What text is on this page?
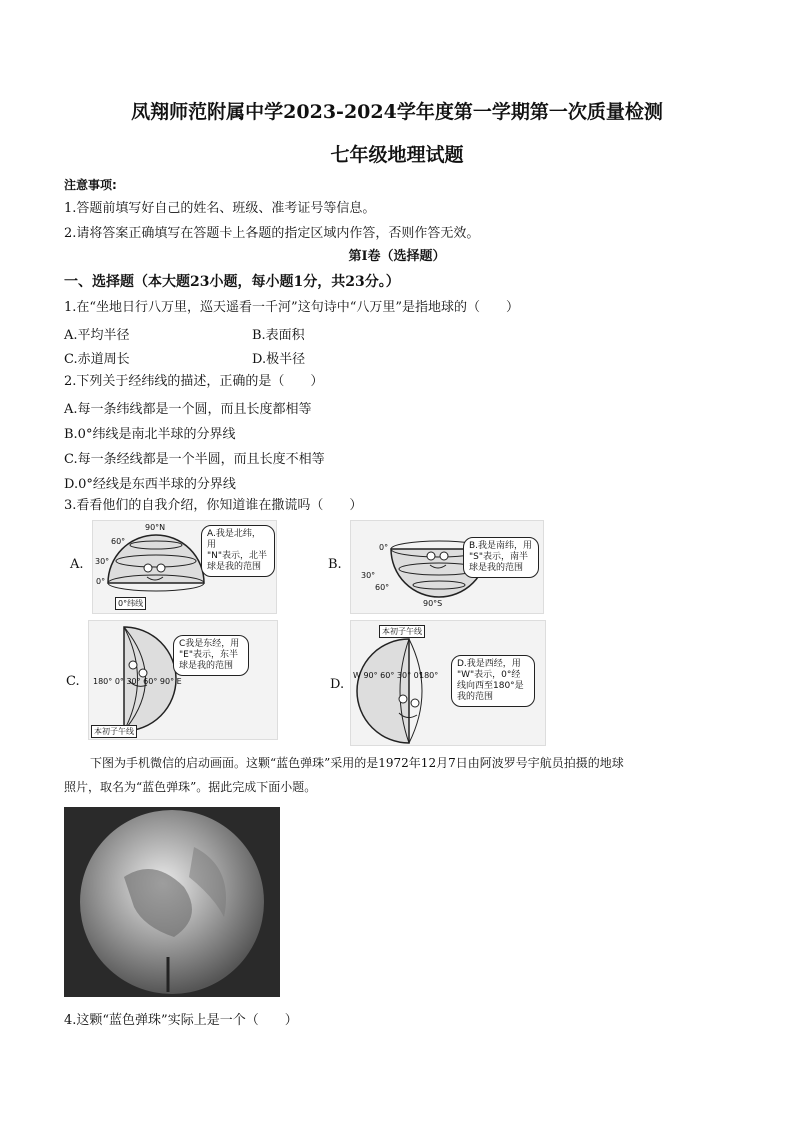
凤翔师范附属中学2023-2024学年度第一学期第一次质量检测
七年级地理试题
注意事项:
1.答题前填写好自己的姓名、班级、准考证号等信息。
2.请将答案正确填写在答题卡上各题的指定区域内作答，否则作答无效。
第Ⅰ卷（选择题）
一、选择题（本大题23小题，每小题1分，共23分。）
1.在“坐地日行八万里，巡天遥看一千河”这句诗中“八万里”是指地球的（　　）
A.平均半径	B.表面积
C.赤道周长	D.极半径
2.下列关于经纬线的描述，正确的是（　　）
A.每一条纬线都是一个圆，而且长度都相等
B.0°纬线是南北半球的分界线
C.每一条经线都是一个半圆，而且长度不相等
D.0°经线是东西半球的分界线
3.看看他们的自我介绍，你知道谁在撒谎吗（　　）
A.
90°N
60°
30°
0°
0°纬线
A.我是北纬，用
"N"表示，北半
球是我的范围	B.
0°
30°
60°
90°S
B.我是南纬，用
"S"表示，南半
球是我的范围
C. 180° 0° 30° 60° 90° E
本初子午线
C我是东经，用
"E"表示，东半
球是我的范围
D.
本初子午线
W 90° 60° 30° 0°
180°
D.我是西经，用
"W"表示，0°经
线向西至180°是
我的范围
下图为手机微信的启动画面。这颗“蓝色弹珠”采用的是1972年12月7日由阿波罗号宇航员拍摄的地球
照片，取名为“蓝色弹珠”。据此完成下面小题。
4.这颗“蓝色弹珠”实际上是一个（　　）
